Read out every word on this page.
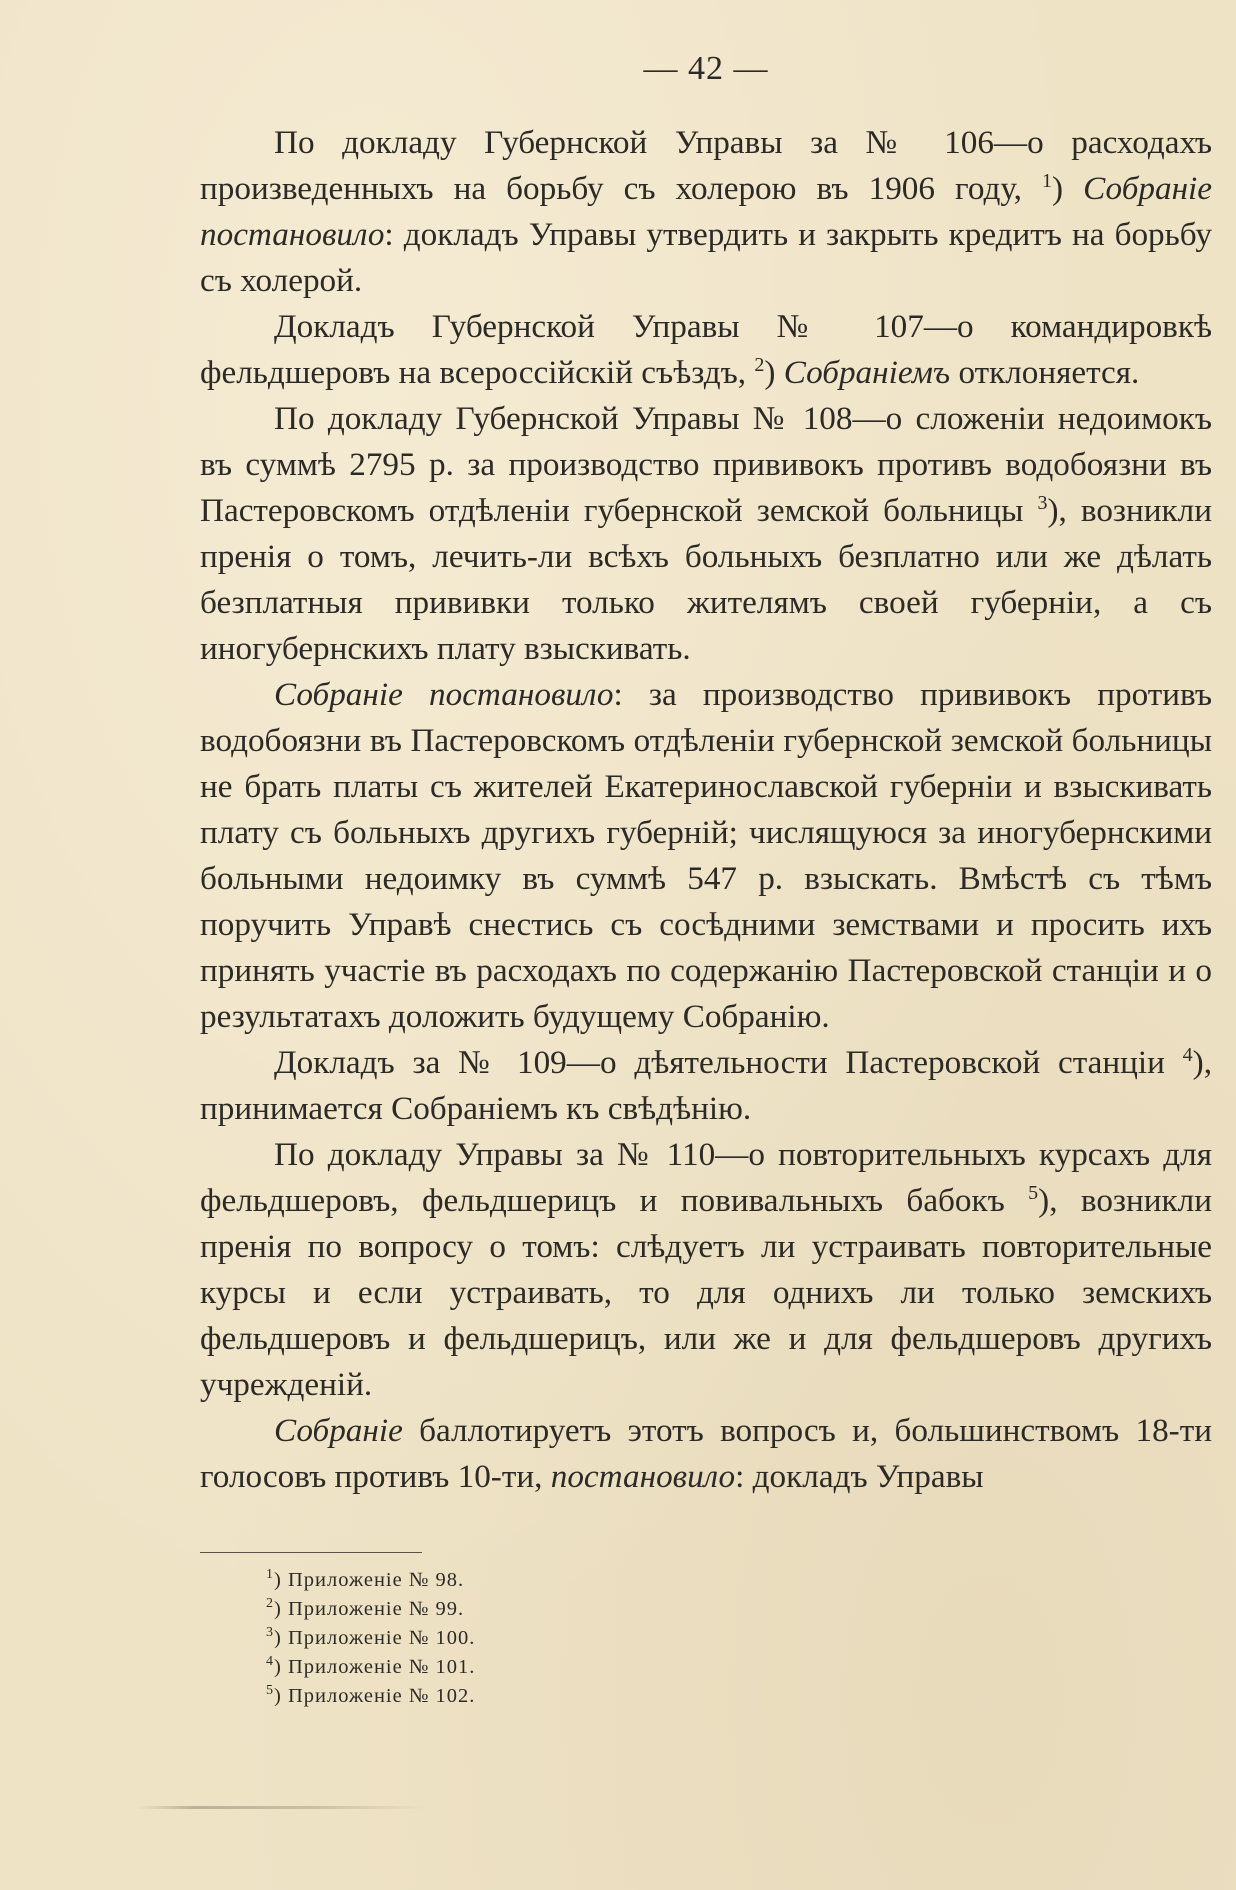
— 42 —

По докладу Губернской Управы за № 106—о расходахъ произведенныхъ на борьбу съ холерою въ 1906 году, $^1$) Собраніе постановило: докладъ Управы утвердить и закрыть кредитъ на борьбу съ холерой.

Докладъ Губернской Управы № 107—о командировкѣ фельдшеровъ на всероссійскій съѣздъ, $^2$) Собраніемъ отклоняется.

По докладу Губернской Управы № 108—о сложеніи недоимокъ въ суммѣ 2795 р. за производство прививокъ противъ водобоязни въ Пастеровскомъ отдѣленіи губернской земской больницы $^3$), возникли пренія о томъ, лечить-ли всѣхъ больныхъ безплатно или же дѣлать безплатныя прививки только жителямъ своей губерніи, а съ иногубернскихъ плату взыскивать.

Собраніе постановило: за производство прививокъ противъ водобоязни въ Пастеровскомъ отдѣленіи губернской земской больницы не брать платы съ жителей Екатеринославской губерніи и взыскивать плату съ больныхъ другихъ губерній; числящуюся за иногубернскими больными недоимку въ суммѣ 547 р. взыскать. Вмѣстѣ съ тѣмъ поручить Управѣ снестись съ сосѣдними земствами и просить ихъ принять участіе въ расходахъ по содержанію Пастеровской станціи и о результатахъ доложить будущему Собранію.

Докладъ за № 109—о дѣятельности Пастеровской станціи $^4$), принимается Собраніемъ къ свѣдѣнію.

По докладу Управы за № 110—о повторительныхъ курсахъ для фельдшеровъ, фельдшерицъ и повивальныхъ бабокъ $^5$), возникли пренія по вопросу о томъ: слѣдуетъ ли устраивать повторительные курсы и если устраивать, то для однихъ ли только земскихъ фельдшеровъ и фельдшерицъ, или же и для фельдшеровъ другихъ учрежденій.

Собраніе баллотируетъ этотъ вопросъ и, большинствомъ 18-ти голосовъ противъ 10-ти, постановило: докладъ Управы

$^1$) Приложеніе № 98.
$^2$) Приложеніе № 99.
$^3$) Приложеніе № 100.
$^4$) Приложеніе № 101.
$^5$) Приложеніе № 102.
